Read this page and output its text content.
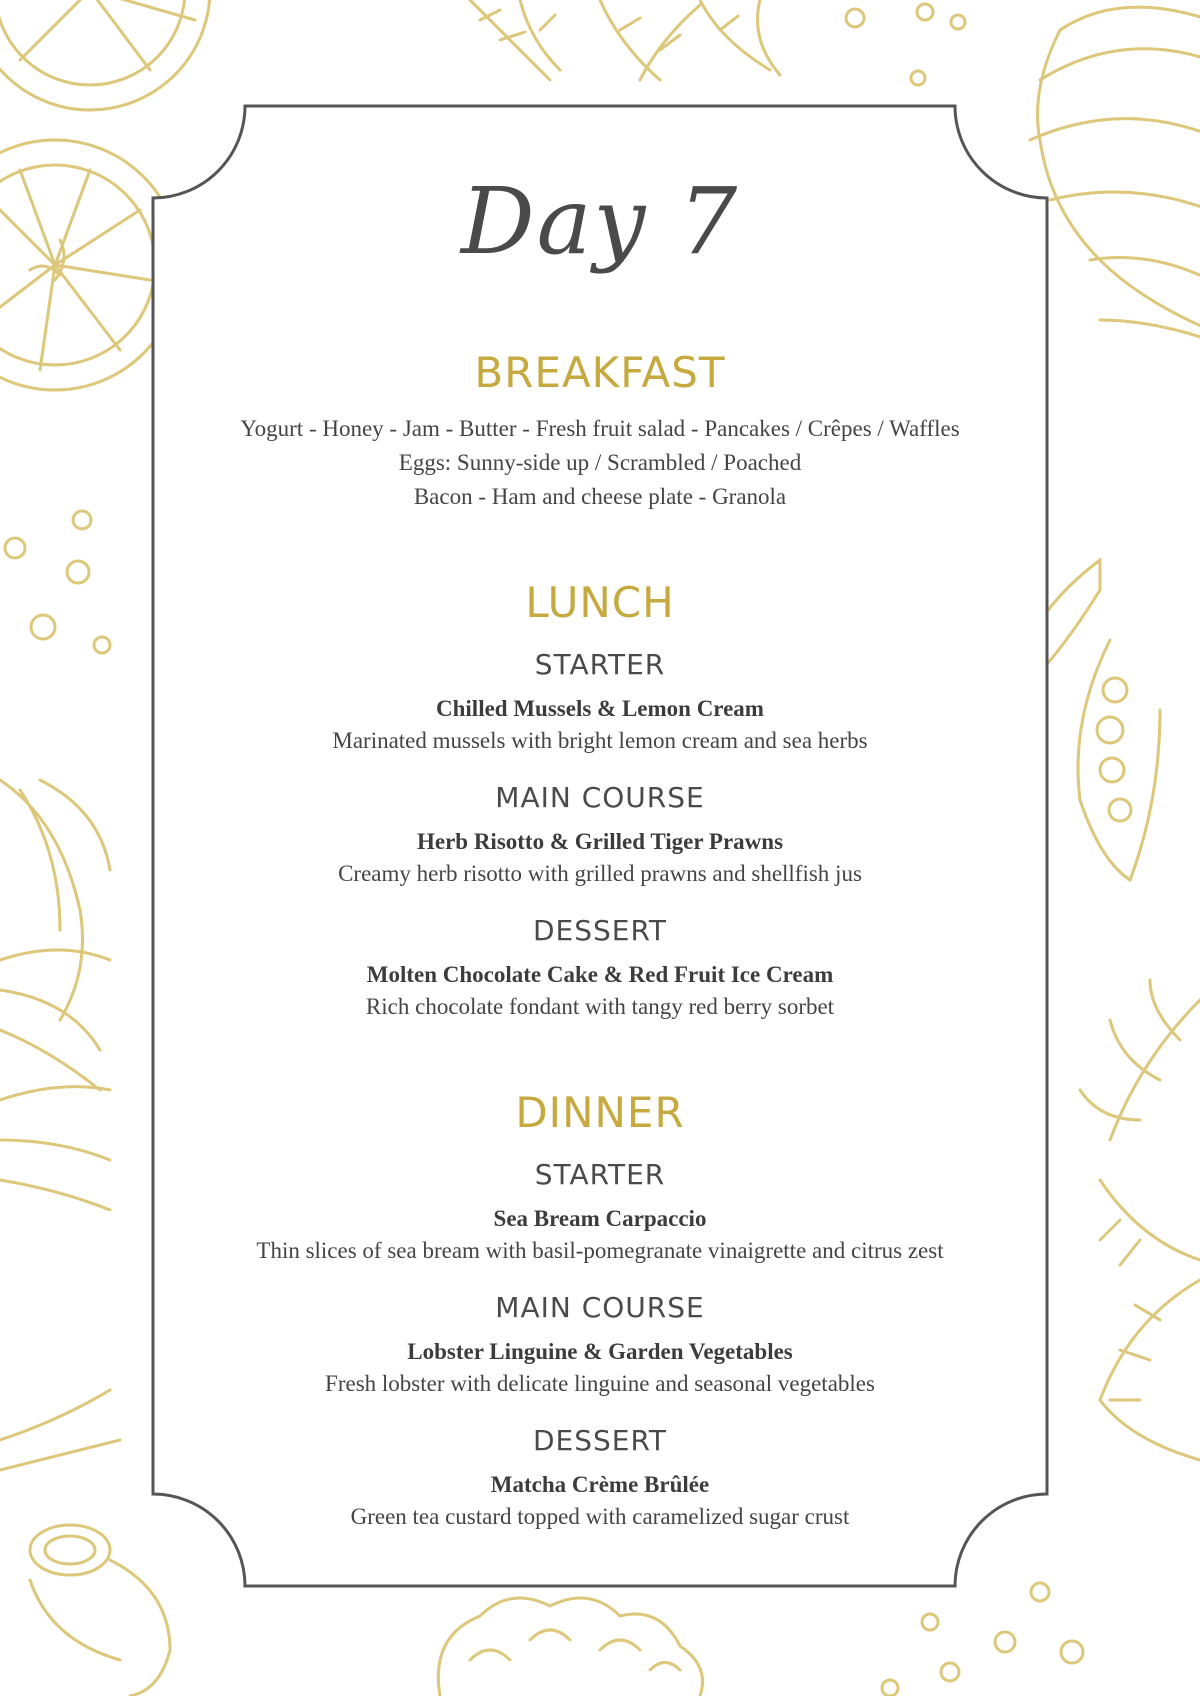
Day 7
BREAKFAST
Yogurt - Honey - Jam - Butter - Fresh fruit salad - Pancakes / Crêpes / Waffles
Eggs: Sunny-side up / Scrambled / Poached
Bacon - Ham and cheese plate - Granola
LUNCH
STARTER
Chilled Mussels & Lemon Cream
Marinated mussels with bright lemon cream and sea herbs
MAIN COURSE
Herb Risotto & Grilled Tiger Prawns
Creamy herb risotto with grilled prawns and shellfish jus
DESSERT
Molten Chocolate Cake & Red Fruit Ice Cream
Rich chocolate fondant with tangy red berry sorbet
DINNER
STARTER
Sea Bream Carpaccio
Thin slices of sea bream with basil-pomegranate vinaigrette and citrus zest
MAIN COURSE
Lobster Linguine & Garden Vegetables
Fresh lobster with delicate linguine and seasonal vegetables
DESSERT
Matcha Crème Brûlée
Green tea custard topped with caramelized sugar crust
